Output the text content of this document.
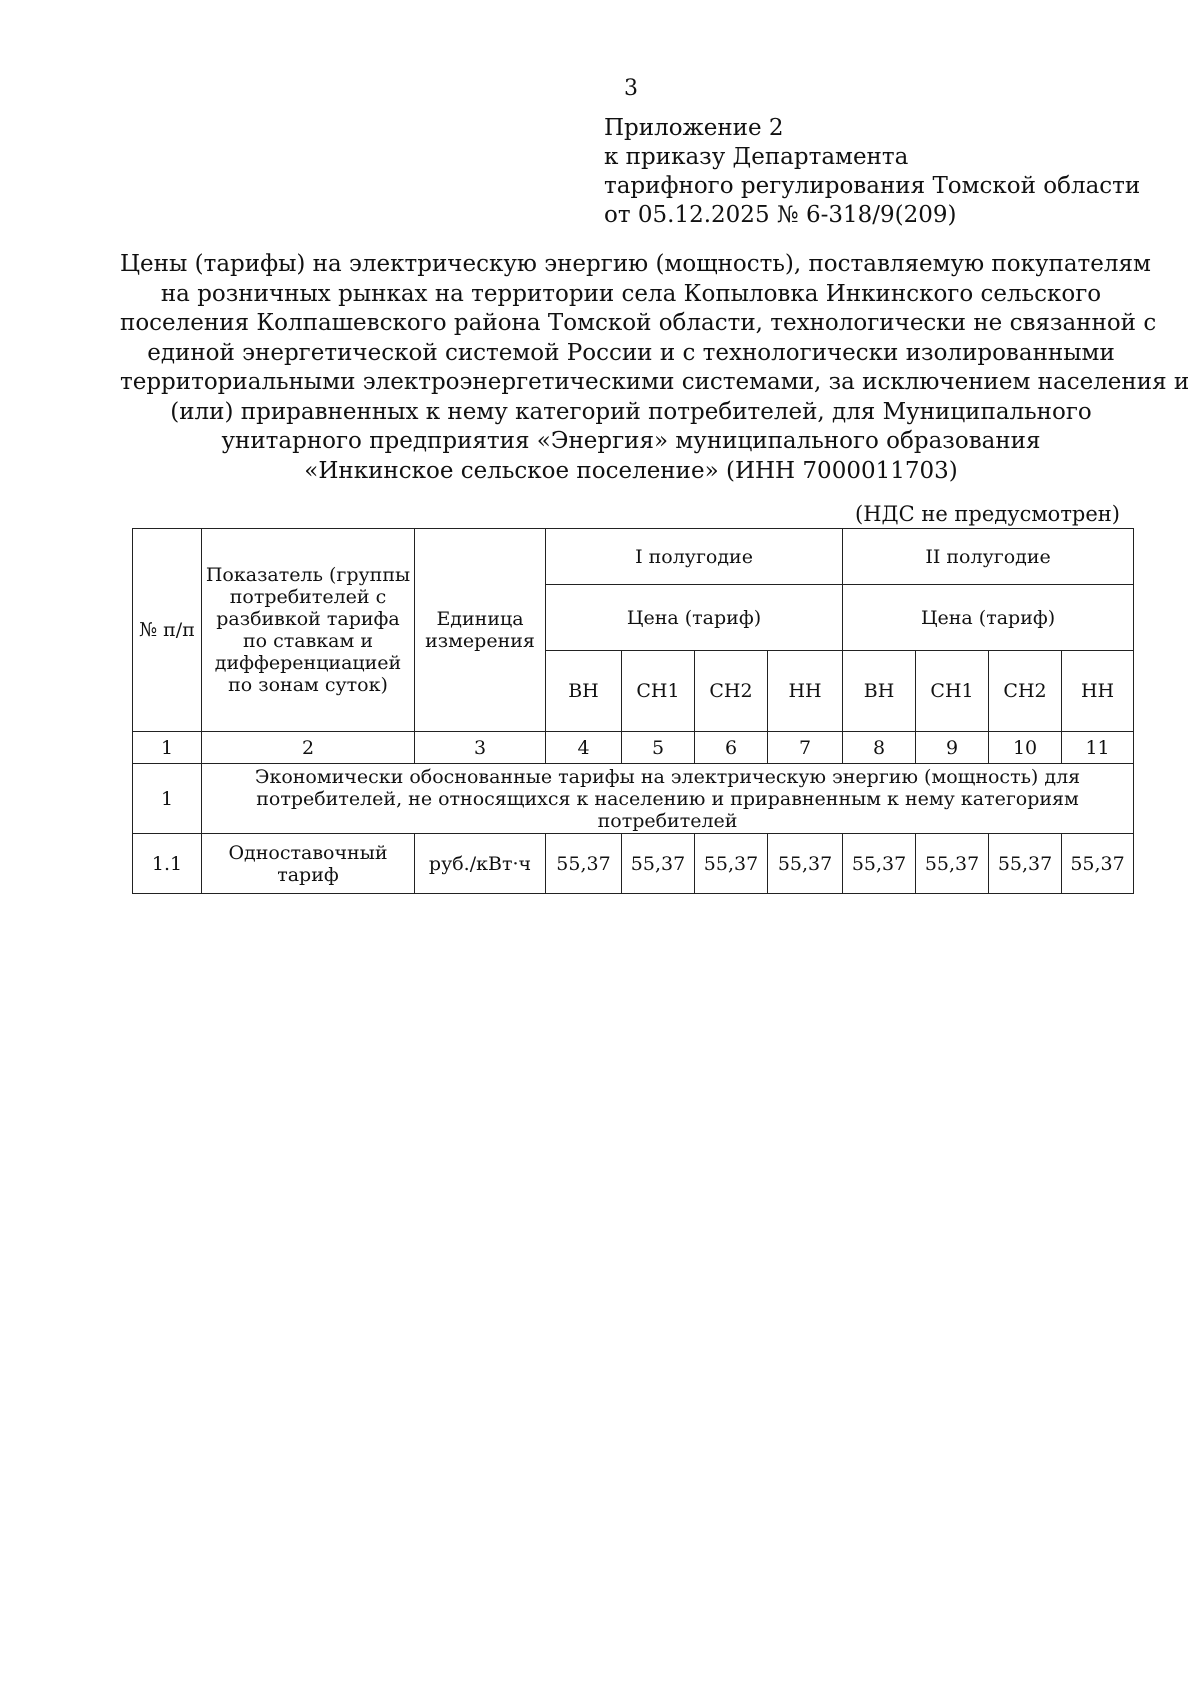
3
Приложение 2
к приказу Департамента
тарифного регулирования Томской области
от 05.12.2025 № 6-318/9(209)
Цены (тарифы) на электрическую энергию (мощность), поставляемую покупателям
на розничных рынках на территории села Копыловка Инкинского сельского
поселения Колпашевского района Томской области, технологически не связанной с
единой энергетической системой России и с технологически изолированными
территориальными электроэнергетическими системами, за исключением населения и
(или) приравненных к нему категорий потребителей, для Муниципального
унитарного предприятия «Энергия» муниципального образования
«Инкинское сельское поселение» (ИНН 7000011703)
(НДС не предусмотрен)
№ п/п	Показатель (группы потребителей с разбивкой тарифа по ставкам и дифференциацией по зонам суток)	Единица измерения	I полугодие				II полугодие			
			Цена (тариф)				Цена (тариф)			
			ВН	СН1	СН2	НН	ВН	СН1	СН2	НН
1	2	3	4	5	6	7	8	9	10	11
1	Экономически обоснованные тарифы на электрическую энергию (мощность) для потребителей, не относящихся к населению и приравненным к нему категориям потребителей									
1.1	Одноставочный тариф	руб./кВт·ч	55,37	55,37	55,37	55,37	55,37	55,37	55,37	55,37
